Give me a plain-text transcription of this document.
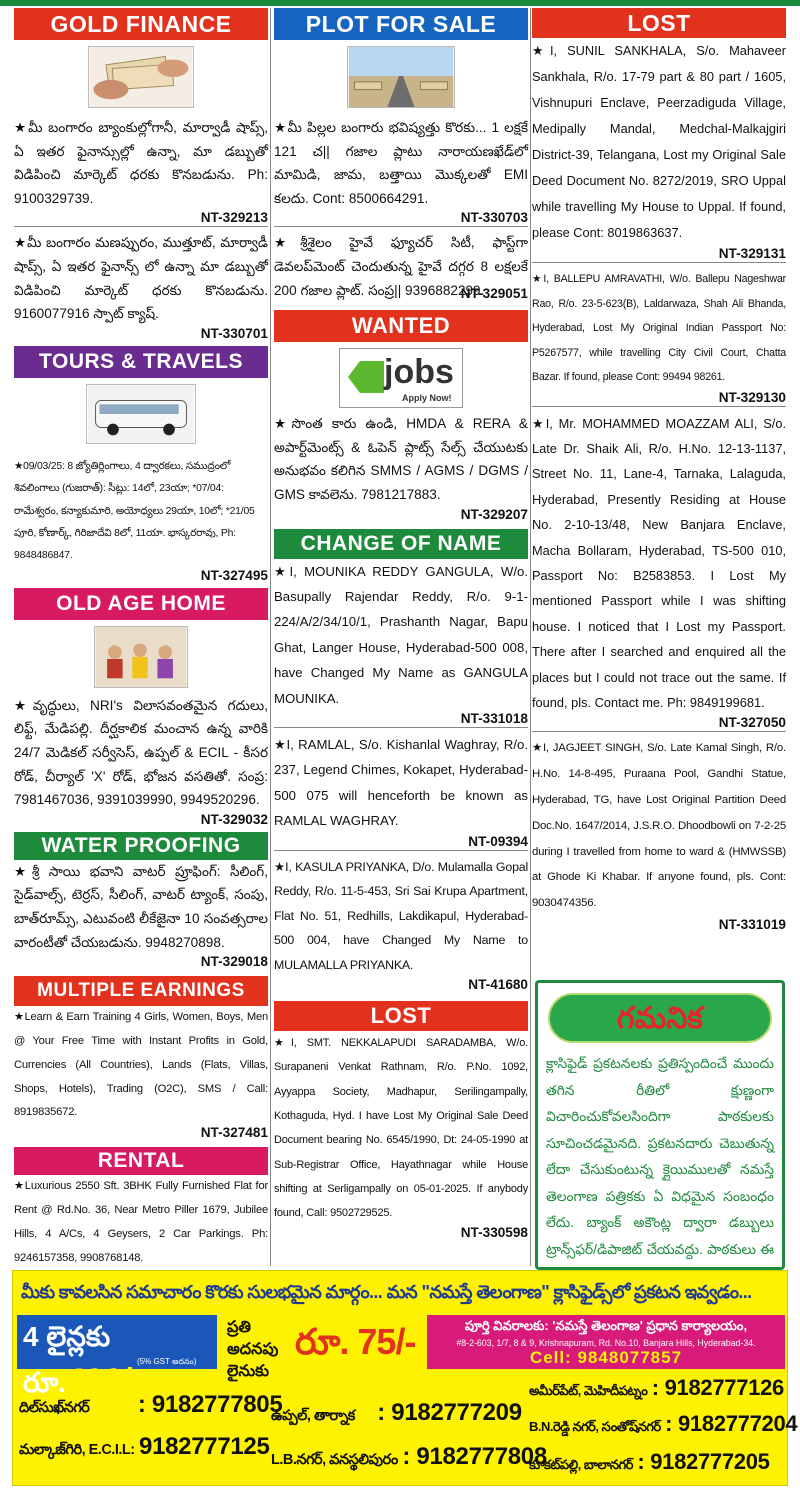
GOLD FINANCE
★మీ బంగారం బ్యాంకుల్లోగానీ, మార్వాడీ షాప్స్, ఏ ఇతర ఫైనాన్సుల్లో ఉన్నా, మా డబ్బుతో విడిపించి మార్కెట్ ధరకు కొనబడును. Ph: 9100329739.
NT-329213
★మీ బంగారం మణప్పురం, ముత్తూట్, మార్వాడీ షాప్స్, ఏ ఇతర ఫైనాన్స్ లో ఉన్నా మా డబ్బుతో విడిపించి మార్కెట్ ధరకు కొనబడును. 9160077916 స్పాట్ క్యాష్.
NT-330701
TOURS & TRAVELS
★09/03/25: 8 జ్యోతిర్లింగాలు, 4 ద్వారకలు, సముద్రంలో శివలింగాలు (గుజరాత్): సీట్లు: 14లో, 23యా; *07/04: రామేశ్వరం, కన్యాకుమారి, అయోధ్యలు 29యా, 10లో; *21/05 పూరి, కోణార్క్, గిరిజాదేవి 8లో, 11యా. భాస్కరరావు, Ph: 9848486847.
NT-327495
OLD AGE HOME
★వృద్ధులు, NRI's విలాసవంతమైన గదులు, లిఫ్ట్, మేడిపల్లి. దీర్ఘకాలిక మంచాన ఉన్న వారికి 24/7 మెడికల్ సర్వీసెస్, ఉప్పల్ & ECIL - కీసర రోడ్, చీర్యాల్ 'X' రోడ్, భోజన వసతితో. సంప్ర: 7981467036, 9391039990, 9949520296.
NT-329032
WATER PROOFING
★శ్రీ సాయి భవాని వాటర్ ప్రూఫింగ్: సీలింగ్, సైడ్‌వాల్స్, టెర్రస్, సీలింగ్, వాటర్ ట్యాంక్, సంపు, బాత్‌రూమ్స్, ఎటువంటి లీకేజైనా 10 సంవత్సరాల వారంటీతో చేయబడును. 9948270898.
NT-329018
MULTIPLE EARNINGS
★Learn & Earn Training 4 Girls, Women, Boys, Men @ Your Free Time with Instant Profits in Gold, Currencies (All Countries), Lands (Flats, Villas, Shops, Hotels), Trading (O2C), SMS / Call: 8919835672.
NT-327481
RENTAL
★Luxurious 2550 Sft. 3BHK Fully Furnished Flat for Rent @ Rd.No. 36, Near Metro Piller 1679, Jubilee Hills, 4 A/Cs, 4 Geysers, 2 Car Parkings. Ph: 9246157358, 9908768148.
PLOT FOR SALE
★మీ పిల్లల బంగారు భవిష్యత్తు కొరకు... 1 లక్షకే 121 చ|| గజాల ప్లాటు నారాయణఖేడ్‌లో మామిడి, జామ, బత్తాయి మొక్కలతో EMI కలదు. Cont: 8500664291.
NT-330703
★శ్రీశైలం హైవే ఫ్యూచర్ సిటీ, ఫాస్ట్‌గా డెవలప్‌మెంట్ చెందుతున్న హైవే దగ్గర 8 లక్షలకే 200 గజాల ప్లాట్. సంప్ర|| 9396882299.
NT-329051
WANTED
jobs
Apply Now!
★సొంత కారు ఉండి, HMDA & RERA & అపార్ట్‌మెంట్స్ & ఓపెన్ ప్లాట్స్ సేల్స్ చేయుటకు అనుభవం కలిగిన SMMS / AGMS / DGMS / GMS కావలెను. 7981217883.
NT-329207
CHANGE OF NAME
★I, MOUNIKA REDDY GANGULA, W/o. Basupally Rajendar Reddy, R/o. 9-1-224/A/2/34/10/1, Prashanth Nagar, Bapu Ghat, Langer House, Hyderabad-500 008, have Changed My Name as GANGULA MOUNIKA.
NT-331018
★I, RAMLAL, S/o. Kishanlal Waghray, R/o. 237, Legend Chimes, Kokapet, Hyderabad-500 075 will henceforth be known as RAMLAL WAGHRAY.
NT-09394
★I, KASULA PRIYANKA, D/o. Mulamalla Gopal Reddy, R/o. 11-5-453, Sri Sai Krupa Apartment, Flat No. 51, Redhills, Lakdikapul, Hyderabad-500 004, have Changed My Name to MULAMALLA PRIYANKA.
NT-41680
LOST
★I, SMT. NEKKALAPUDI SARADAMBA, W/o. Surapaneni Venkat Rathnam, R/o. P.No. 1092, Ayyappa Society, Madhapur, Serilingampally, Kothaguda, Hyd. I have Lost My Original Sale Deed Document bearing No. 6545/1990, Dt: 24-05-1990 at Sub-Registrar Office, Hayathnagar while House shifting at Serligampally on 05-01-2025. If anybody found, Call: 9502729525.
NT-330598
LOST
★I, SUNIL SANKHALA, S/o. Mahaveer Sankhala, R/o. 17-79 part & 80 part / 1605, Vishnupuri Enclave, Peerzadiguda Village, Medipally Mandal, Medchal-Malkajgiri District-39, Telangana, Lost my Original Sale Deed Document No. 8272/2019, SRO Uppal while travelling My House to Uppal. If found, please Cont: 8019863637.
NT-329131
★I, BALLEPU AMRAVATHI, W/o. Ballepu Nageshwar Rao, R/o. 23-5-623(B), Laldarwaza, Shah Ali Bhanda, Hyderabad, Lost My Original Indian Passport No: P5267577, while travelling City Civil Court, Chatta Bazar. If found, please Cont: 99494 98261.
NT-329130
★I, Mr. MOHAMMED MOAZZAM ALI, S/o. Late Dr. Shaik Ali, R/o. H.No. 12-13-1137, Street No. 11, Lane-4, Tarnaka, Lalaguda, Hyderabad, Presently Residing at House No. 2-10-13/48, New Banjara Enclave, Macha Bollaram, Hyderabad, TS-500 010, Passport No: B2583853. I Lost My mentioned Passport while I was shifting house. I noticed that I Lost my Passport. There after I searched and enquired all the places but I could not trace out the same. If found, pls. Contact me. Ph: 9849199681.
NT-327050
★I, JAGJEET SINGH, S/o. Late Kamal Singh, R/o. H.No. 14-8-495, Puraana Pool, Gandhi Statue, Hyderabad, TG, have Lost Original Partition Deed Doc.No. 1647/2014, J.S.R.O. Dhoodbowli on 7-2-25 during I travelled from home to ward & (HMWSSB) at Ghode Ki Khabar. If anyone found, pls. Cont: 9030474356.
NT-331019
గమనిక
క్లాసిఫైడ్ ప్రకటనలకు ప్రతిస్పందించే ముందు తగిన రీతిలో క్షుణ్ణంగా విచారించుకోవలసిందిగా పాఠకులకు సూచించడమైనది. ప్రకటనదారు చెబుతున్న లేదా చేసుకుంటున్న క్లైయిములతో నమస్తే తెలంగాణ పత్రికకు ఏ విధమైన సంబంధం లేదు. బ్యాంక్ అకౌంట్ల ద్వారా డబ్బులు ట్రాన్స్‌ఫర్/డిపాజిట్ చేయవద్దు. పాఠకులు ఈ
మీకు కావలసిన సమాచారం కొరకు సులభమైన మార్గం... మన "నమస్తే తెలంగాణ" క్లాసిఫైడ్స్‌లో ప్రకటన ఇవ్వడం...
4 లైన్లకు రూ.400/-
(5% GST అదనం)
ప్రతి అదనపు లైనుకు
రూ. 75/-	పూర్తి వివరాలకు: 'నమస్తే తెలంగాణ' ప్రధాన కార్యాలయం,
#8-2-603, 1/7, 8 & 9, Krishnapuram, Rd. No.10, Banjara Hills, Hyderabad-34.
Cell: 9848077857
దిల్‌సుఖ్‌నగర్ : 9182777805
మల్కాజ్‌గిరి, E.C.I.L: 9182777125
ఉప్పల్, తార్నాక : 9182777209
L.B.నగర్, వనస్థలిపురం : 9182777808
అమీర్‌పేట్, మెహిదీపట్నం : 9182777126
B.N.రెడ్డి నగర్, సంతోష్‌నగర్ : 9182777204
కూకట్‌పల్లి, బాలానగర్ : 9182777205
